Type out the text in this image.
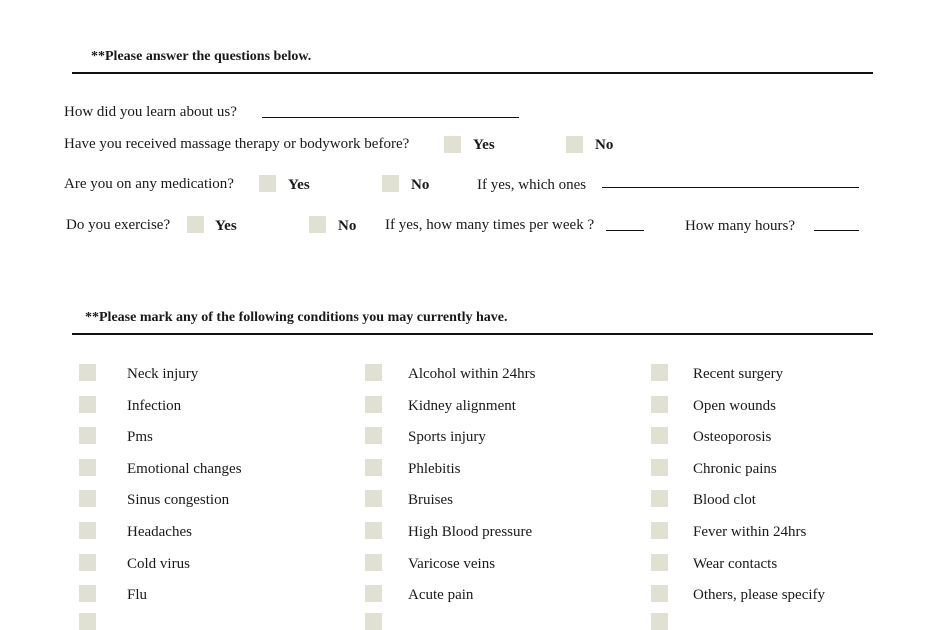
**Please answer the questions below.
How did you learn about us?
Have you received massage therapy or bodywork before?	Yes	No
Are you on any medication?	Yes	No	If yes, which ones
Do you exercise?	Yes	No If yes, how many times per week ?	How many hours?
**Please mark any of the following conditions you may currently have.
Neck injury
Infection
Pms
Emotional changes
Sinus congestion
Headaches
Cold virus
Flu
Alcohol within 24hrs
Kidney alignment
Sports injury
Phlebitis
Bruises
High Blood pressure
Varicose veins
Acute pain
Recent surgery
Open wounds
Osteoporosis
Chronic pains
Blood clot
Fever within 24hrs
Wear contacts
Others, please specify
